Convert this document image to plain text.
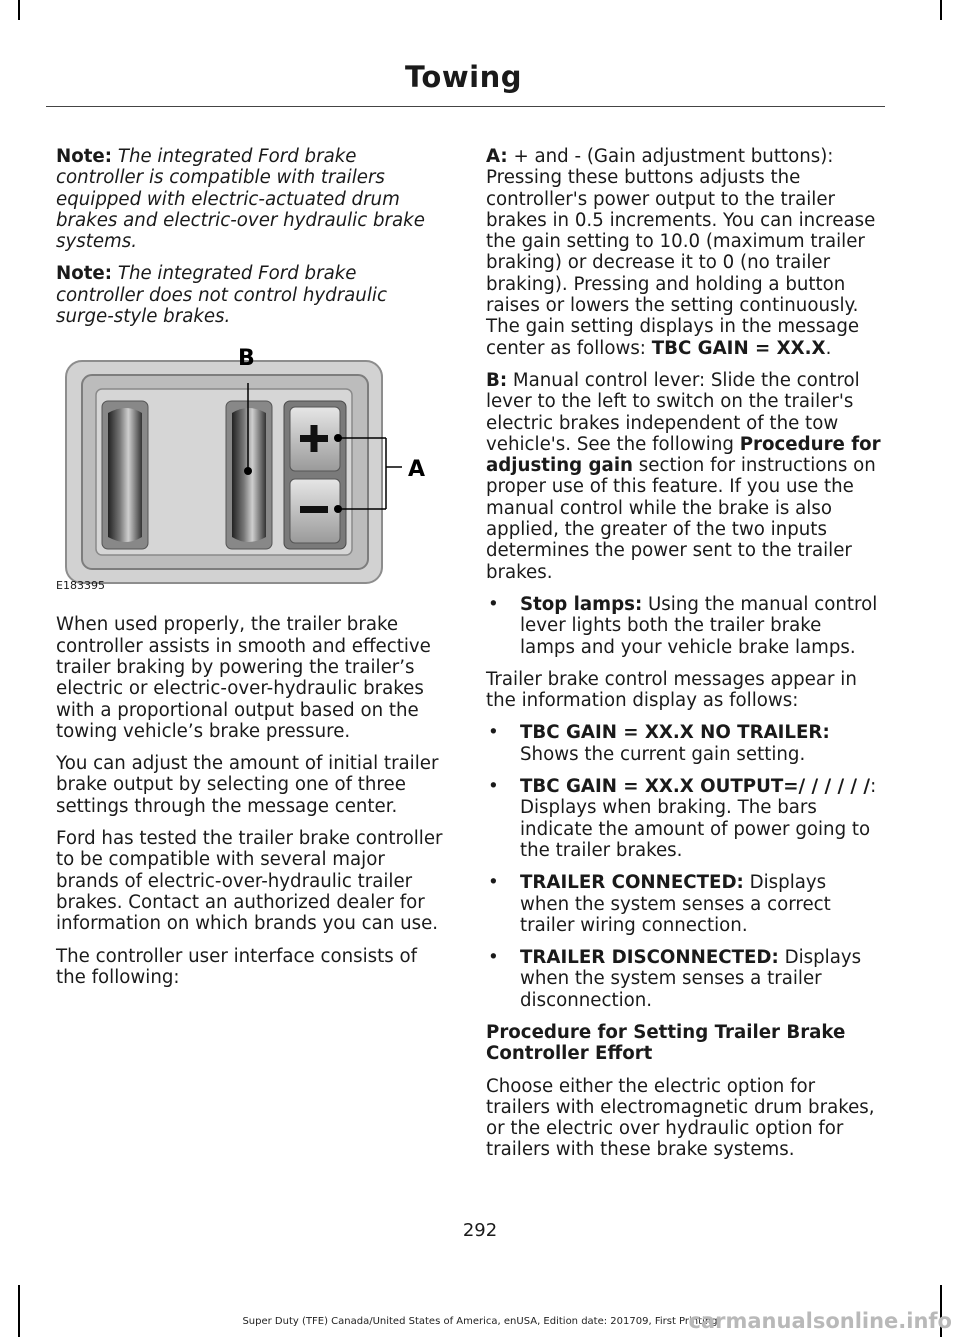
Towing

Note: The integrated Ford brake controller is compatible with trailers equipped with electric-actuated drum brakes and electric-over hydraulic brake systems.

Note: The integrated Ford brake controller does not control hydraulic surge-style brakes.

B
A
E183395

When used properly, the trailer brake controller assists in smooth and effective trailer braking by powering the trailer’s electric or electric-over-hydraulic brakes with a proportional output based on the towing vehicle’s brake pressure.

You can adjust the amount of initial trailer brake output by selecting one of three settings through the message center.

Ford has tested the trailer brake controller to be compatible with several major brands of electric-over-hydraulic trailer brakes. Contact an authorized dealer for information on which brands you can use.

The controller user interface consists of the following:

A: + and - (Gain adjustment buttons): Pressing these buttons adjusts the controller's power output to the trailer brakes in 0.5 increments. You can increase the gain setting to 10.0 (maximum trailer braking) or decrease it to 0 (no trailer braking). Pressing and holding a button raises or lowers the setting continuously. The gain setting displays in the message center as follows: TBC GAIN = XX.X.

B: Manual control lever: Slide the control lever to the left to switch on the trailer's electric brakes independent of the tow vehicle's. See the following Procedure for adjusting gain section for instructions on proper use of this feature. If you use the manual control while the brake is also applied, the greater of the two inputs determines the power sent to the trailer brakes.

• Stop lamps: Using the manual control lever lights both the trailer brake lamps and your vehicle brake lamps.

Trailer brake control messages appear in the information display as follows:

• TBC GAIN = XX.X NO TRAILER: Shows the current gain setting.
• TBC GAIN = XX.X OUTPUT=/ / / / / /: Displays when braking. The bars indicate the amount of power going to the trailer brakes.
• TRAILER CONNECTED: Displays when the system senses a correct trailer wiring connection.
• TRAILER DISCONNECTED: Displays when the system senses a trailer disconnection.
Procedure for Setting Trailer Brake Controller Effort

Choose either the electric option for trailers with electromagnetic drum brakes, or the electric over hydraulic option for trailers with these brake systems.

292
Super Duty (TFE) Canada/United States of America, enUSA, Edition date: 201709, First Printing
carmanualsonline.info
